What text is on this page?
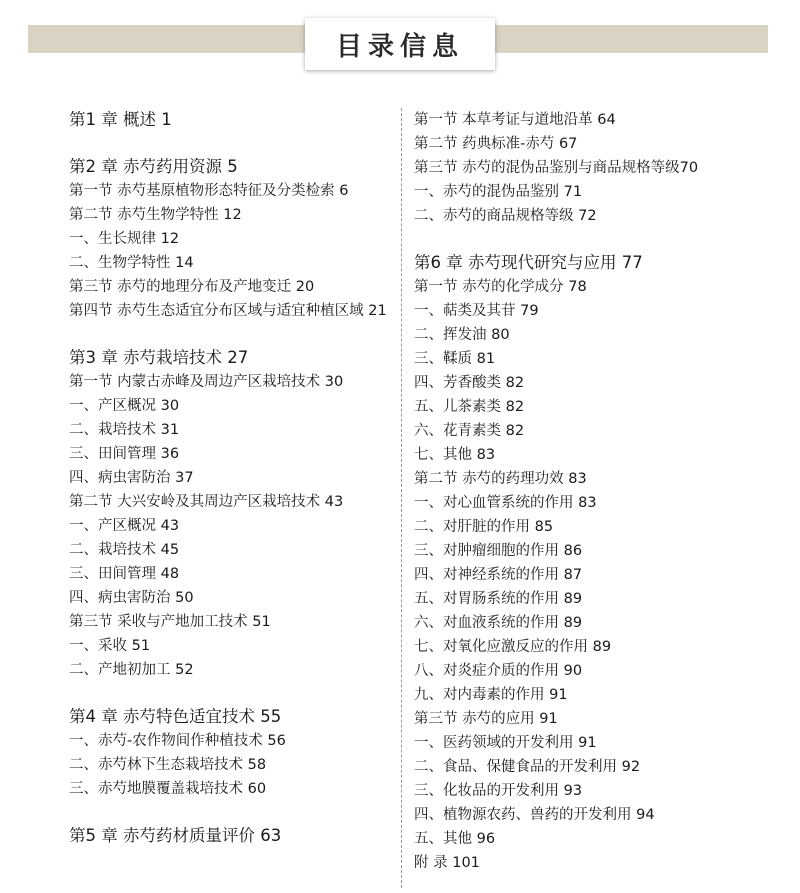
目录信息
第1 章 概述 1
第2 章 赤芍药用资源 5
第一节 赤芍基原植物形态特征及分类检索 6
第二节 赤芍生物学特性 12
一、生长规律 12
二、生物学特性 14
第三节 赤芍的地理分布及产地变迁 20
第四节 赤芍生态适宜分布区域与适宜种植区域 21
第3 章 赤芍栽培技术 27
第一节 内蒙古赤峰及周边产区栽培技术 30
一、产区概况 30
二、栽培技术 31
三、田间管理 36
四、病虫害防治 37
第二节 大兴安岭及其周边产区栽培技术 43
一、产区概况 43
二、栽培技术 45
三、田间管理 48
四、病虫害防治 50
第三节 采收与产地加工技术 51
一、采收 51
二、产地初加工 52
第4 章 赤芍特色适宜技术 55
一、赤芍-农作物间作种植技术 56
二、赤芍林下生态栽培技术 58
三、赤芍地膜覆盖栽培技术 60
第5 章 赤芍药材质量评价 63
第一节 本草考证与道地沿革 64
第二节 药典标准-赤芍 67
第三节 赤芍的混伪品鉴别与商品规格等级70
一、赤芍的混伪品鉴别 71
二、赤芍的商品规格等级 72
第6 章 赤芍现代研究与应用 77
第一节 赤芍的化学成分 78
一、萜类及其苷 79
二、挥发油 80
三、鞣质 81
四、芳香酸类 82
五、儿茶素类 82
六、花青素类 82
七、其他 83
第二节 赤芍的药理功效 83
一、对心血管系统的作用 83
二、对肝脏的作用 85
三、对肿瘤细胞的作用 86
四、对神经系统的作用 87
五、对胃肠系统的作用 89
六、对血液系统的作用 89
七、对氧化应激反应的作用 89
八、对炎症介质的作用 90
九、对内毒素的作用 91
第三节 赤芍的应用 91
一、医药领域的开发利用 91
二、食品、保健食品的开发利用 92
三、化妆品的开发利用 93
四、植物源农药、兽药的开发利用 94
五、其他 96
附 录 101
